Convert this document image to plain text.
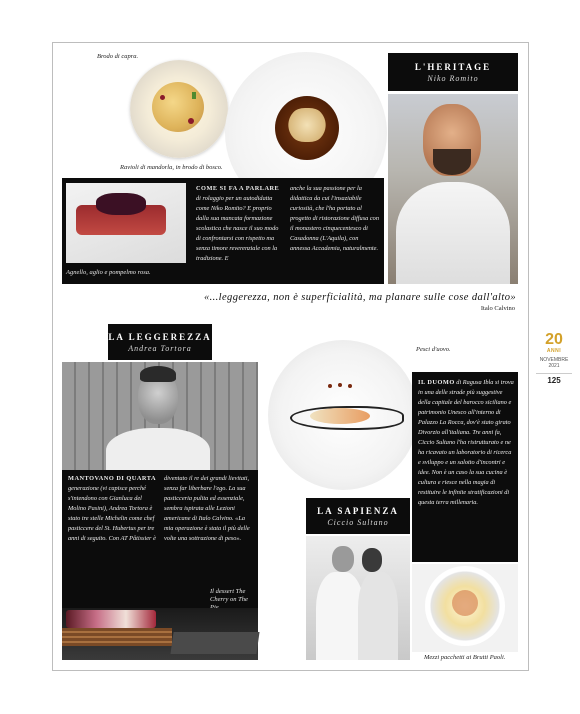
Brodo di capra.
Ravioli di mandorla, in brodo di bosco.
L'HERITAGE
Niko Romito
Agnello, aglio e pompelmo rosa.
COME SI FA A PARLARE di rolaggio per un autodidatta come Niko Romito? E proprio dalla sua mancata formazione scolastica che nasce il suo modo di confrontarsi con rispetto ma senza timore reverenziale con la tradizione. E
anche la sua passione per la didattica da cui l'insaziabile curiosità, che l'ha portato al progetto di ristorazione diffusa con il monastero cinquecentesco di Casadonna (L'Aquila), con annessa Accademia, naturalmente.
«...leggerezza, non è superficialità, ma planare sulle cose dall'alto»
Italo Calvino
20
ANNI
NOVEMBRE
2021
125
LA LEGGEREZZA
Andrea Tortora
MANTOVANO DI QUARTA generazione (vi capisce perché s'intendono con Gianluca del Molino Pasini), Andrea Tortora è stato tre stelle Michelin come chef pasticcere del St. Hubertus per tre anni di seguito. Con AT Pâtissier è
diventato il re dei grandi lievitati, senza far liberbare l'ego. La sua pasticceria pulita ed essenziale, sembra ispirata alle Lezioni americane di Italo Calvino. «La mia operazione è stata il più delle volte una sottrazione di peso».
Il dessert The Cherry on The
Pesci d'uovo.
LA SAPIENZA
Ciccio Sultano
IL DUOMO di Ragusa Ibla si trova in una delle strade più suggestive della capitale del barocco siciliano e patrimonio Unesco all'interno di Palazzo La Rocca, dov'è stato girato Divorzio all'italiana. Tre anni fa, Ciccio Sultano l'ha ristrutturato e ne ha ricavato un laboratorio di ricerca e sviluppo e un salotto d'incontri e idee. Non è un caso la sua cucina è cultura e riesce nella magia di restituire le infinite stratificazioni di questa terra millenaria.
Mezzi pacchetti ai Brutti Paoli.
